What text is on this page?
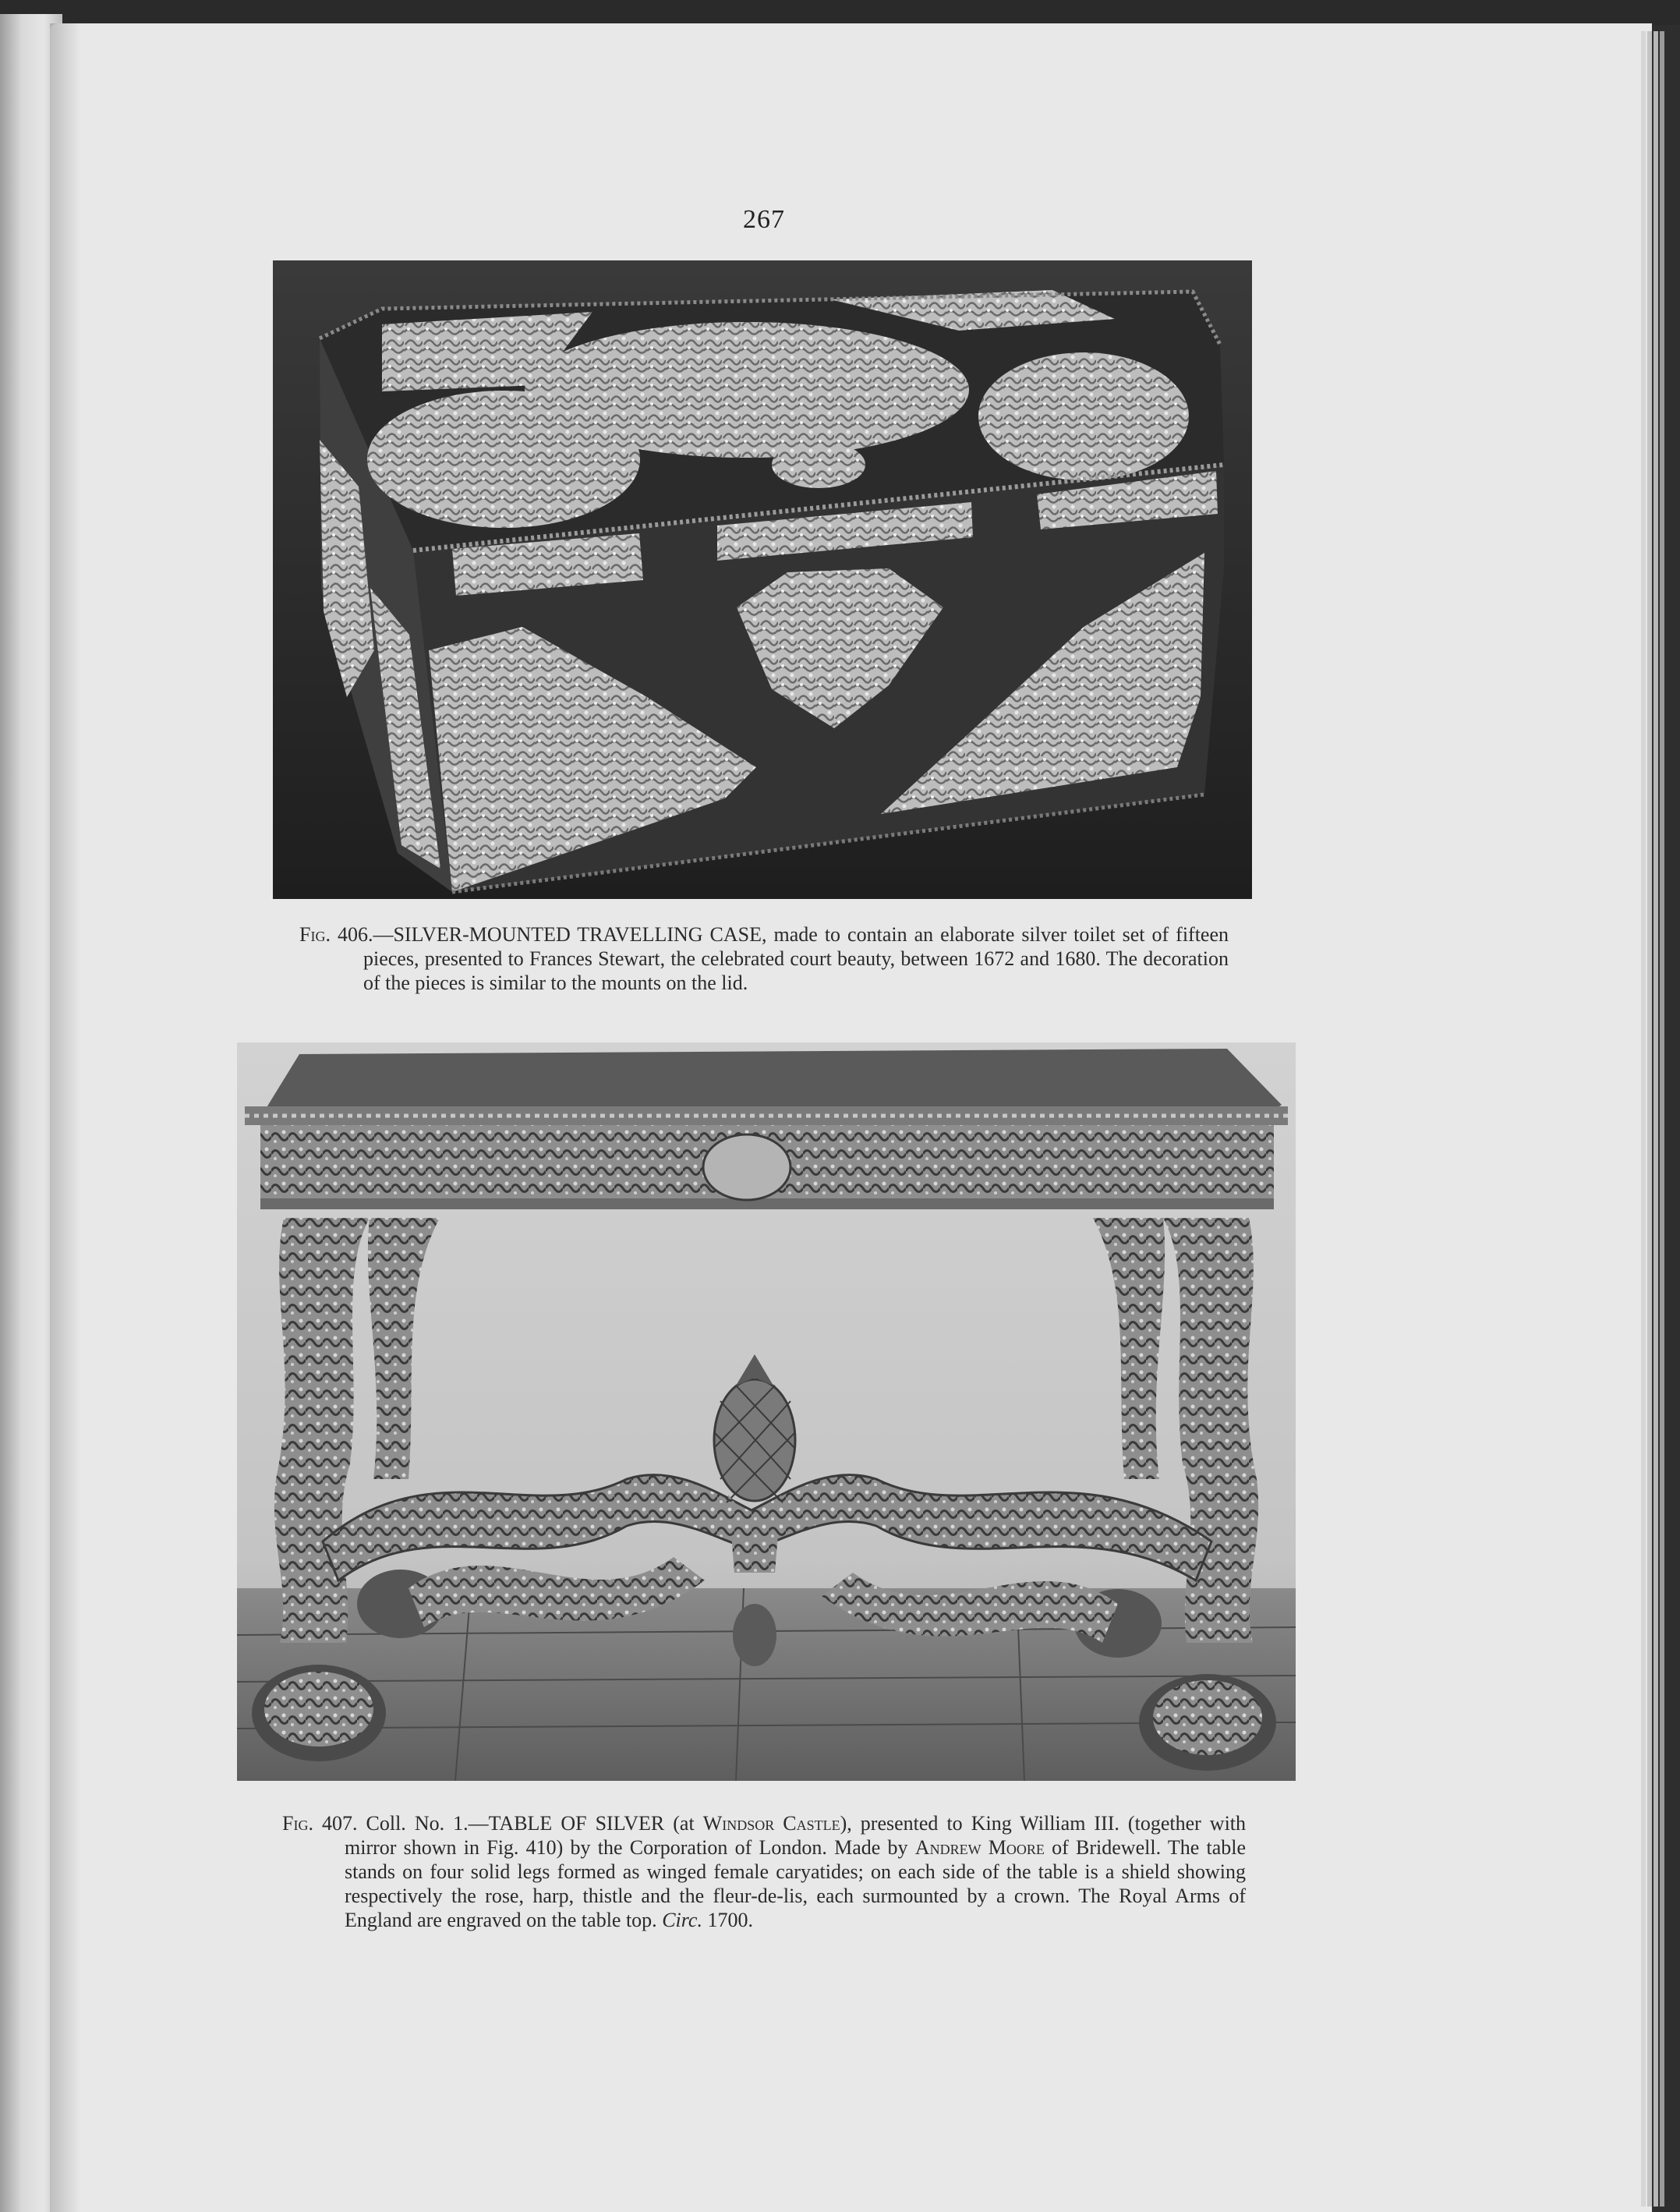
267

Fig. 406.—SILVER-MOUNTED TRAVELLING CASE, made to contain an elaborate silver toilet set of fifteen pieces, presented to Frances Stewart, the celebrated court beauty, between 1672 and 1680. The decoration of the pieces is similar to the mounts on the lid.

Fig. 407. Coll. No. 1.—TABLE OF SILVER (at Windsor Castle), presented to King William III. (together with mirror shown in Fig. 410) by the Corporation of London. Made by Andrew Moore of Bridewell. The table stands on four solid legs formed as winged female caryatides; on each side of the table is a shield showing respectively the rose, harp, thistle and the fleur-de-lis, each surmounted by a crown. The Royal Arms of England are engraved on the table top. Circ. 1700.
